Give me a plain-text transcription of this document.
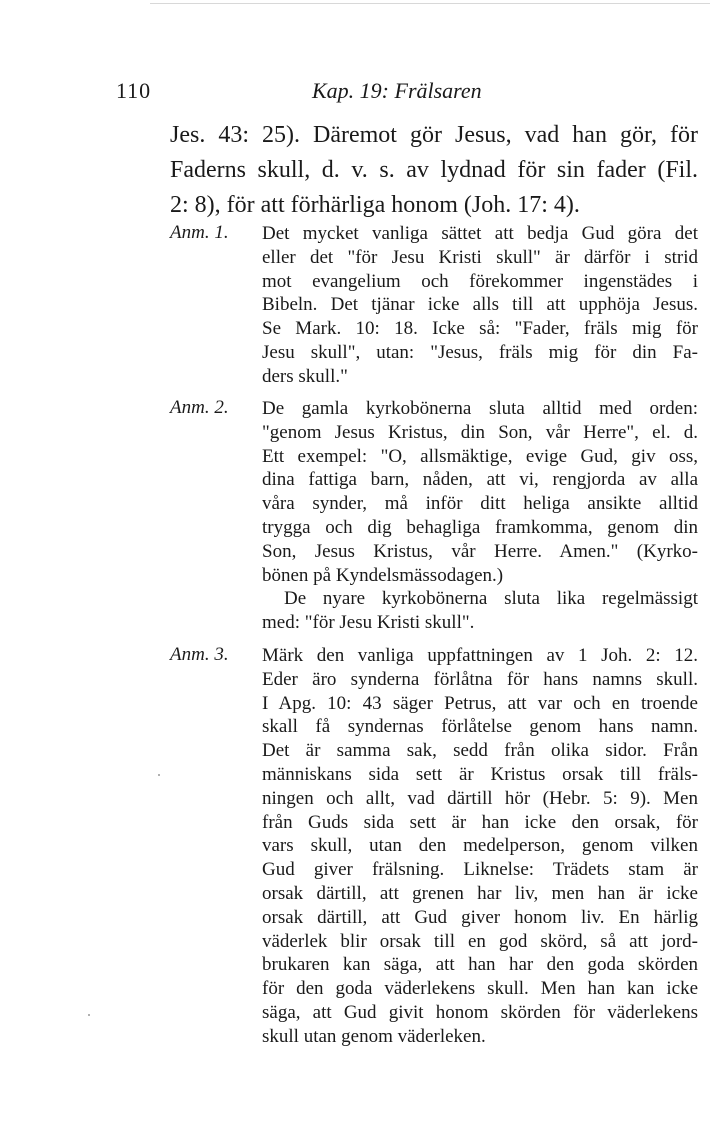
110	Kap. 19: Frälsaren
Jes. 43: 25). Däremot gör Jesus, vad han gör, för
Faderns skull, d. v. s. av lydnad för sin fader (Fil.
2: 8), för att förhärliga honom (Joh. 17: 4).
Anm. 1. Det mycket vanliga sättet att bedja Gud göra det
eller det "för Jesu Kristi skull" är därför i strid
mot evangelium och förekommer ingenstädes i
Bibeln. Det tjänar icke alls till att upphöja Jesus.
Se Mark. 10: 18. Icke så: "Fader, fräls mig för
Jesu skull", utan: "Jesus, fräls mig för din Fa-
ders skull."
Anm. 2. De gamla kyrkobönerna sluta alltid med orden:
"genom Jesus Kristus, din Son, vår Herre", el. d.
Ett exempel: "O, allsmäktige, evige Gud, giv oss,
dina fattiga barn, nåden, att vi, rengjorda av alla
våra synder, må inför ditt heliga ansikte alltid
trygga och dig behagliga framkomma, genom din
Son, Jesus Kristus, vår Herre. Amen." (Kyrko-
bönen på Kyndelsmässodagen.)
De nyare kyrkobönerna sluta lika regelmässigt
med: "för Jesu Kristi skull".
Anm. 3. Märk den vanliga uppfattningen av 1 Joh. 2: 12.
Eder äro synderna förlåtna för hans namns skull.
I Apg. 10: 43 säger Petrus, att var och en troende
skall få syndernas förlåtelse genom hans namn.
Det är samma sak, sedd från olika sidor. Från
människans sida sett är Kristus orsak till fräls-
ningen och allt, vad därtill hör (Hebr. 5: 9). Men
från Guds sida sett är han icke den orsak, för
vars skull, utan den medelperson, genom vilken
Gud giver frälsning. Liknelse: Trädets stam är
orsak därtill, att grenen har liv, men han är icke
orsak därtill, att Gud giver honom liv. En härlig
väderlek blir orsak till en god skörd, så att jord-
brukaren kan säga, att han har den goda skörden
för den goda väderlekens skull. Men han kan icke
säga, att Gud givit honom skörden för väderlekens
skull utan genom väderleken.
